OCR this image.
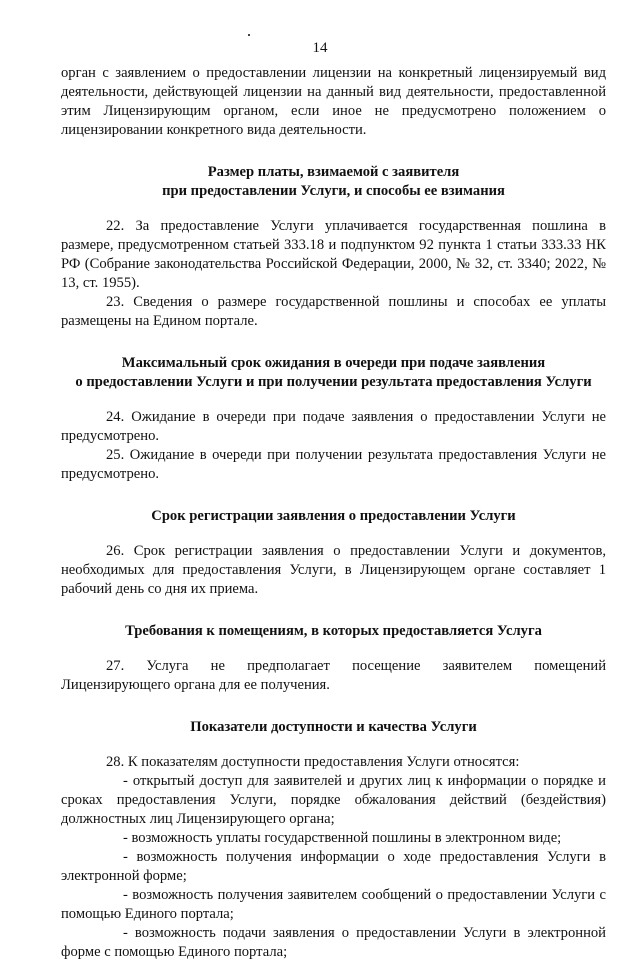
14

орган с заявлением о предоставлении лицензии на конкретный лицензируемый вид деятельности, действующей лицензии на данный вид деятельности, предоставленной этим Лицензирующим органом, если иное не предусмотрено положением о лицензировании конкретного вида деятельности.

Размер платы, взимаемой с заявителя
при предоставлении Услуги, и способы ее взимания

22. За предоставление Услуги уплачивается государственная пошлина в размере, предусмотренном статьей 333.18 и подпунктом 92 пункта 1 статьи 333.33 НК РФ (Собрание законодательства Российской Федерации, 2000, № 32, ст. 3340; 2022, № 13, ст. 1955).

23. Сведения о размере государственной пошлины и способах ее уплаты размещены на Едином портале.

Максимальный срок ожидания в очереди при подаче заявления
о предоставлении Услуги и при получении результата предоставления Услуги

24. Ожидание в очереди при подаче заявления о предоставлении Услуги не предусмотрено.

25. Ожидание в очереди при получении результата предоставления Услуги не предусмотрено.

Срок регистрации заявления о предоставлении Услуги

26. Срок регистрации заявления о предоставлении Услуги и документов, необходимых для предоставления Услуги, в Лицензирующем органе составляет 1 рабочий день со дня их приема.

Требования к помещениям, в которых предоставляется Услуга

27. Услуга не предполагает посещение заявителем помещений Лицензирующего органа для ее получения.

Показатели доступности и качества Услуги

28. К показателям доступности предоставления Услуги относятся:

- открытый доступ для заявителей и других лиц к информации о порядке и сроках предоставления Услуги, порядке обжалования действий (бездействия) должностных лиц Лицензирующего органа;

- возможность уплаты государственной пошлины в электронном виде;

- возможность получения информации о ходе предоставления Услуги в электронной форме;

- возможность получения заявителем сообщений о предоставлении Услуги с помощью Единого портала;

- возможность подачи заявления о предоставлении Услуги в электронной форме с помощью Единого портала;
